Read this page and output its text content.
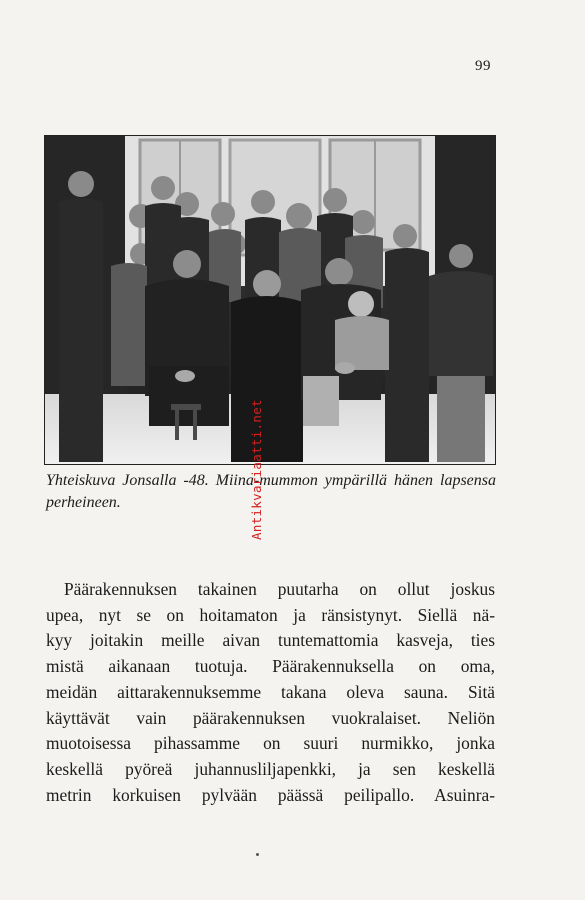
99
Yhteiskuva Jonsalla -48. Miina-mummon ympärillä hänen lapsensa perheineen.
Päärakennuksen takainen puutarha on ollut joskus
upea, nyt se on hoitamaton ja ränsistynyt. Siellä nä-
kyy joitakin meille aivan tuntemattomia kasveja, ties
mistä aikanaan tuotuja. Päärakennuksella on oma,
meidän aittarakennuksemme takana oleva sauna. Sitä
käyttävät vain päärakennuksen vuokralaiset. Neliön
muotoisessa pihassamme on suuri nurmikko, jonka
keskellä pyöreä juhannusliljapenkki, ja sen keskellä
metrin korkuisen pylvään päässä peilipallo. Asuinra-
Antikvariaatti.net
